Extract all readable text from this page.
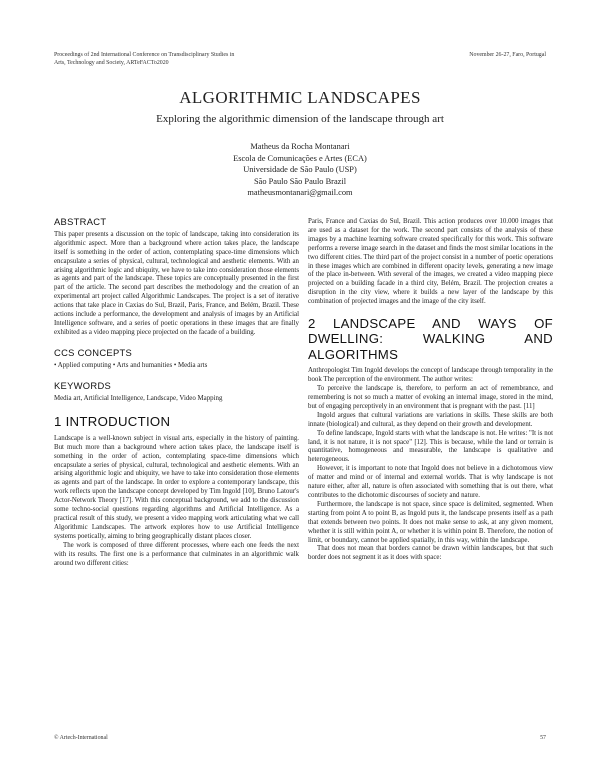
Proceedings of 2nd International Conference on Transdisciplinary Studies in
Arts, Technology and Society, ARTeFACTo2020
November 26-27, Faro, Portugal
ALGORITHMIC LANDSCAPES
Exploring the algorithmic dimension of the landscape through art
Matheus da Rocha Montanari
Escola de Comunicações e Artes (ECA)
Universidade de São Paulo (USP)
São Paulo São Paulo Brazil
matheusmontanari@gmail.com
ABSTRACT

This paper presents a discussion on the topic of landscape, taking into consideration its algorithmic aspect. More than a background where action takes place, the landscape itself is something in the order of action, contemplating space-time dimensions which encapsulate a series of physical, cultural, technological and aesthetic elements. With an arising algorithmic logic and ubiquity, we have to take into consideration those elements as agents and part of the landscape. These topics are conceptually presented in the first part of the article. The second part describes the methodology and the creation of an experimental art project called Algorithmic Landscapes. The project is a set of iterative actions that take place in Caxias do Sul, Brazil, Paris, France, and Belém, Brazil. These actions include a performance, the development and analysis of images by an Artificial Intelligence software, and a series of poetic operations in these images that are finally exhibited as a video mapping piece projected on the facade of a building.

CCS CONCEPTS

• Applied computing • Arts and humanities • Media arts

KEYWORDS

Media art, Artificial Intelligence, Landscape, Video Mapping

1 INTRODUCTION

Landscape is a well-known subject in visual arts, especially in the history of painting. But much more than a background where action takes place, the landscape itself is something in the order of action, contemplating space-time dimensions which encapsulate a series of physical, cultural, technological and aesthetic elements. With an arising algorithmic logic and ubiquity, we have to take into consideration those elements as agents and part of the landscape. In order to explore a contemporary landscape, this work reflects upon the landscape concept developed by Tim Ingold [10], Bruno Latour's Actor-Network Theory [17]. With this conceptual background, we add to the discussion some techno-social questions regarding algorithms and Artificial Intelligence. As a practical result of this study, we present a video mapping work articulating what we call Algorithmic Landscapes. The artwork explores how to use Artificial Intelligence systems poetically, aiming to bring geographically distant places closer.

The work is composed of three different processes, where each one feeds the next with its results. The first one is a performance that culminates in an algorithmic walk around two different cities:

Paris, France and Caxias do Sul, Brazil. This action produces over 10.000 images that are used as a dataset for the work. The second part consists of the analysis of these images by a machine learning software created specifically for this work. This software performs a reverse image search in the dataset and finds the most similar locations in the two different cities. The third part of the project consist in a number of poetic operations in these images which are combined in different opacity levels, generating a new image of the place in-between. With several of the images, we created a video mapping piece projected on a building facade in a third city, Belém, Brazil. The projection creates a disruption in the city view, where it builds a new layer of the landscape by this combination of projected images and the image of the city itself.

2 LANDSCAPE AND WAYS OF DWELLING: WALKING AND ALGORITHMS

Anthropologist Tim Ingold develops the concept of landscape through temporality in the book The perception of the environment. The author writes:

To perceive the landscape is, therefore, to perform an act of remembrance, and remembering is not so much a matter of evoking an internal image, stored in the mind, but of engaging perceptively in an environment that is pregnant with the past. [11]

Ingold argues that cultural variations are variations in skills. These skills are both innate (biological) and cultural, as they depend on their growth and development.

To define landscape, Ingold starts with what the landscape is not. He writes: "It is not land, it is not nature, it is not space" [12]. This is because, while the land or terrain is quantitative, homogeneous and measurable, the landscape is qualitative and heterogeneous.

However, it is important to note that Ingold does not believe in a dichotomous view of matter and mind or of internal and external worlds. That is why landscape is not nature either, after all, nature is often associated with something that is out there, what contributes to the dichotomic discourses of society and nature.

Furthermore, the landscape is not space, since space is delimited, segmented. When starting from point A to point B, as Ingold puts it, the landscape presents itself as a path that extends between two points. It does not make sense to ask, at any given moment, whether it is still within point A, or whether it is within point B. Therefore, the notion of limit, or boundary, cannot be applied spatially, in this way, within the landscape.

That does not mean that borders cannot be drawn within landscapes, but that such border does not segment it as it does with space:

© Artech-International	57
